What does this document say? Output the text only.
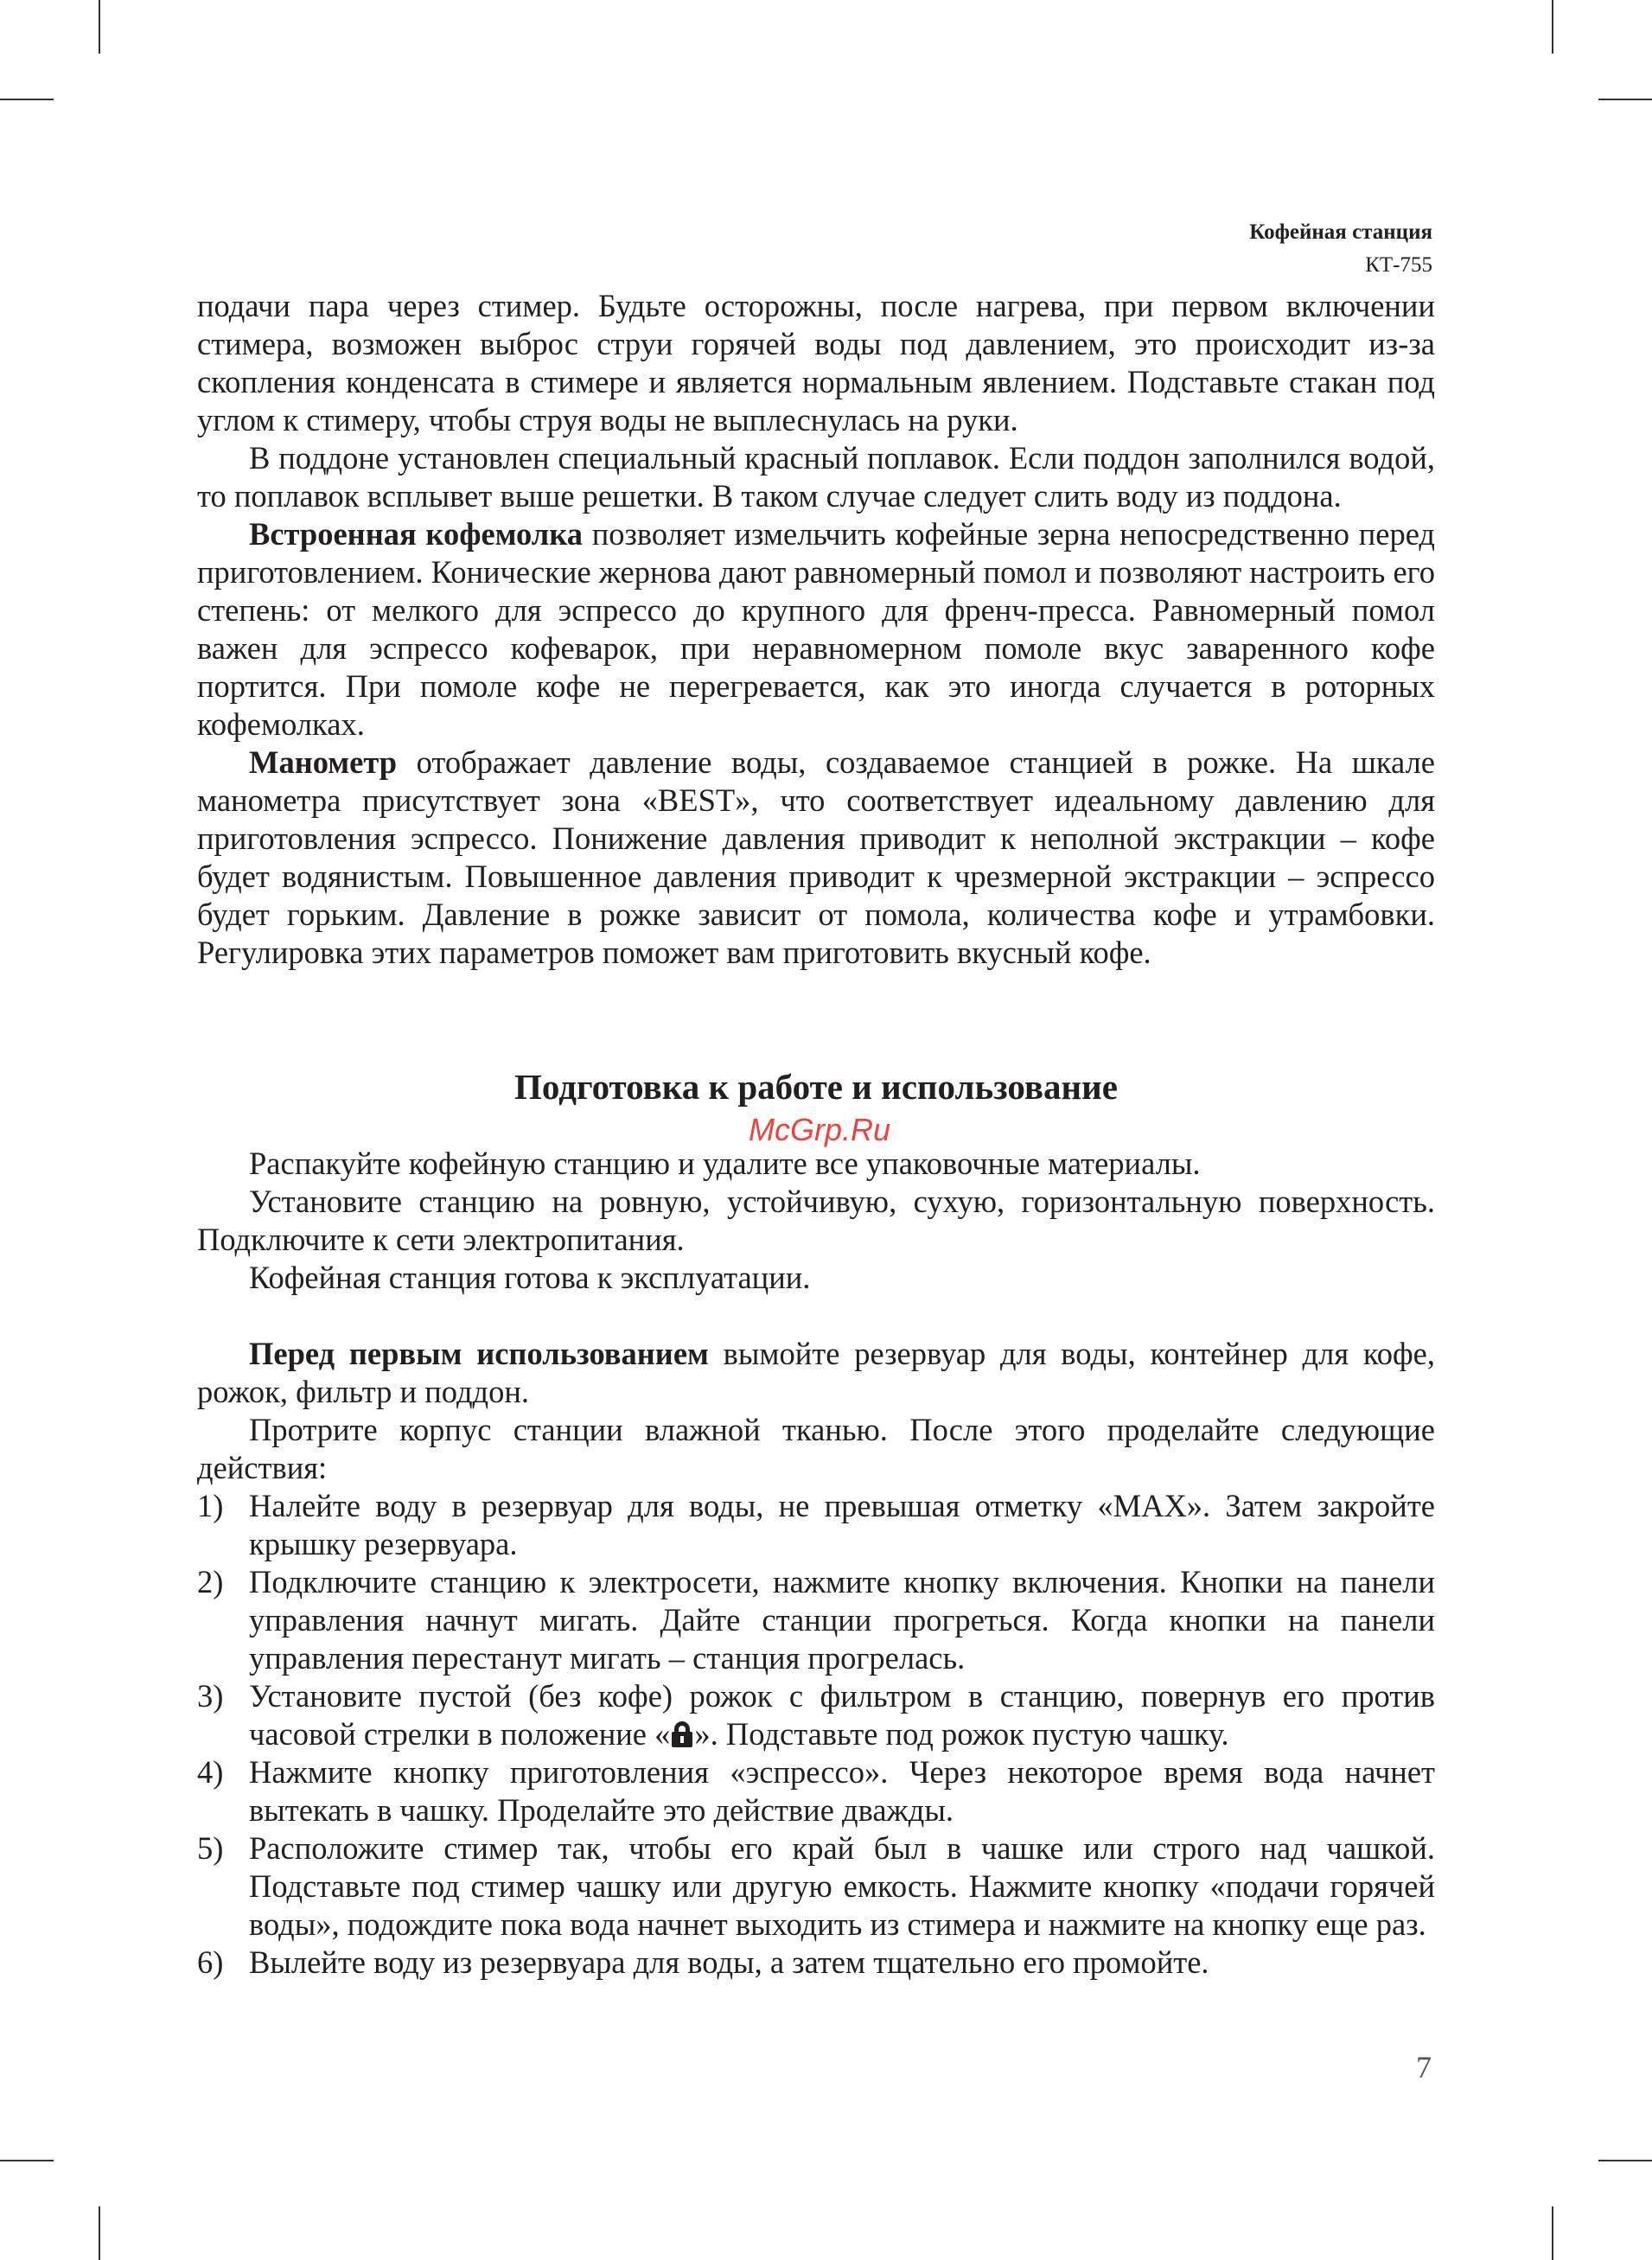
Кофейная станция
КТ-755

подачи пара через стимер. Будьте осторожны, после нагрева, при первом включении стимера, возможен выброс струи горячей воды под давлением, это происходит из-за скопления конденсата в стимере и является нормальным явлением. Подставьте стакан под углом к стимеру, чтобы струя воды не выплеснулась на руки.

В поддоне установлен специальный красный поплавок. Если поддон заполнился водой, то поплавок всплывет выше решетки. В таком случае следует слить воду из поддона.

Встроенная кофемолка позволяет измельчить кофейные зерна непосредственно перед приготовлением. Конические жернова дают равномерный помол и позволяют настроить его степень: от мелкого для эспрессо до крупного для френч-пресса. Равномерный помол важен для эспрессо кофеварок, при неравномерном помоле вкус заваренного кофе портится. При помоле кофе не перегревается, как это иногда случается в роторных кофемолках.

Манометр отображает давление воды, создаваемое станцией в рожке. На шкале манометра присутствует зона «BEST», что соответствует идеальному давлению для приготовления эспрессо. Понижение давления приводит к неполной экстракции – кофе будет водянистым. Повышенное давления приводит к чрезмерной экстракции – эспрессо будет горьким. Давление в рожке зависит от помола, количества кофе и утрамбовки. Регулировка этих параметров поможет вам приготовить вкусный кофе.

Подготовка к работе и использование

Распакуйте кофейную станцию и удалите все упаковочные материалы.

Установите станцию на ровную, устойчивую, сухую, горизонтальную поверхность. Подключите к сети электропитания.

Кофейная станция готова к эксплуатации.

Перед первым использованием вымойте резервуар для воды, контейнер для кофе, рожок, фильтр и поддон.

Протрите корпус станции влажной тканью. После этого проделайте следующие действия:

1) Налейте воду в резервуар для воды, не превышая отметку «MAX». Затем закройте крышку резервуара.
2) Подключите станцию к электросети, нажмите кнопку включения. Кнопки на панели управления начнут мигать. Дайте станции прогреться. Когда кнопки на панели управления перестанут мигать – станция прогрелась.
3) Установите пустой (без кофе) рожок с фильтром в станцию, повернув его против часовой стрелки в положение « ». Подставьте под рожок пустую чашку.
4) Нажмите кнопку приготовления «эспрессо». Через некоторое время вода начнет вытекать в чашку. Проделайте это действие дважды.
5) Расположите стимер так, чтобы его край был в чашке или строго над чашкой. Подставьте под стимер чашку или другую емкость. Нажмите кнопку «подачи горячей воды», подождите пока вода начнет выходить из стимера и нажмите на кнопку еще раз.
6) Вылейте воду из резервуара для воды, а затем тщательно его промойте.
McGrp.Ru
7
